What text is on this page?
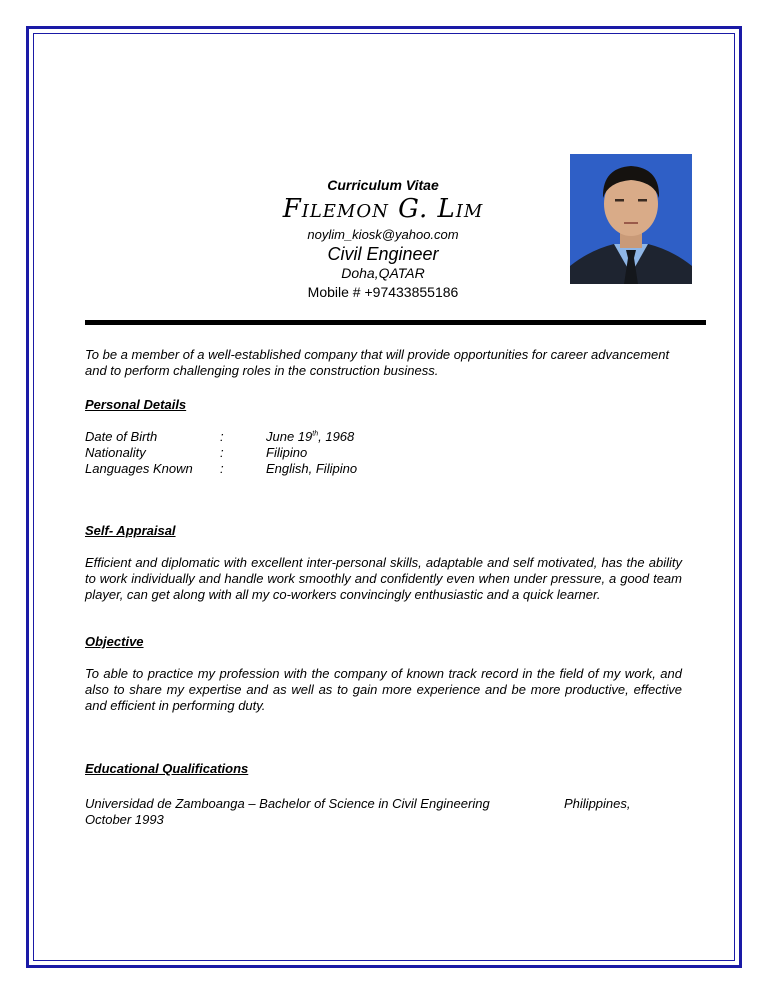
Curriculum Vitae
Filemon G. Lim
noylim_kiosk@yahoo.com
Civil Engineer
Doha,QATAR
Mobile # +97433855186

To be a member of a well-established company that will provide opportunities for career advancement and to perform challenging roles in the construction business.

Personal Details

Date of Birth	:	June 19th, 1968
Nationality	:	Filipino
Languages Known	:	English, Filipino

Self- Appraisal

Efficient and diplomatic with excellent inter-personal skills, adaptable and self motivated, has the ability to work individually and handle work smoothly and confidently even when under pressure, a good team player, can get along with all my co-workers convincingly enthusiastic and a quick learner.

Objective

To able to practice my profession with the company of known track record in the field of my work, and also to share my expertise and as well as to gain more experience and be more productive, effective and efficient in performing duty.

Educational Qualifications

Universidad de Zamboanga – Bachelor of Science in Civil Engineering	Philippines,
October 1993
